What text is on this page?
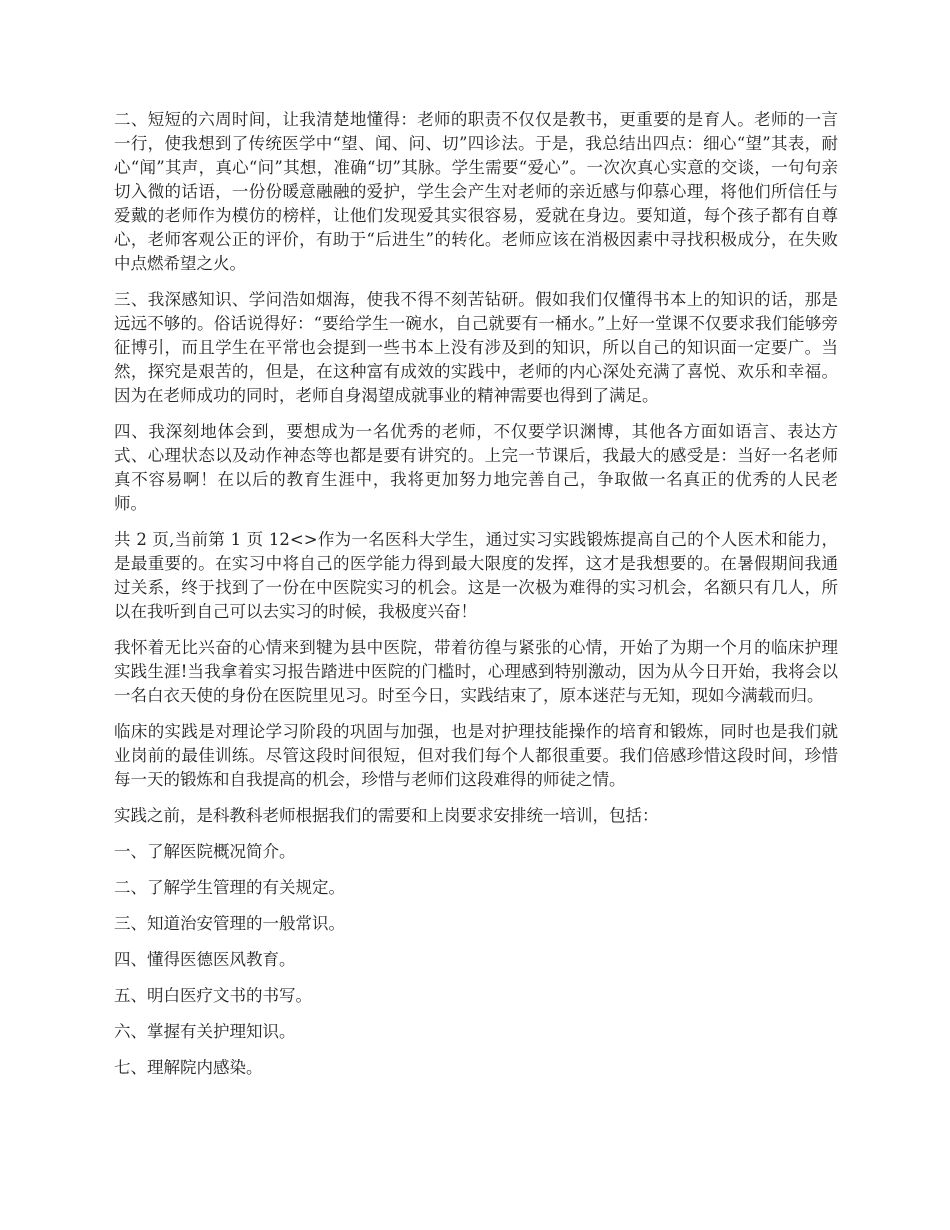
二、短短的六周时间，让我清楚地懂得：老师的职责不仅仅是教书，更重要的是育人。老师的一言一行，使我想到了传统医学中“望、闻、问、切”四诊法。于是，我总结出四点：细心“望”其表，耐心“闻”其声，真心“问”其想，准确“切”其脉。学生需要“爱心”。一次次真心实意的交谈，一句句亲切入微的话语，一份份暖意融融的爱护，学生会产生对老师的亲近感与仰慕心理，将他们所信任与爱戴的老师作为模仿的榜样，让他们发现爱其实很容易，爱就在身边。要知道，每个孩子都有自尊心，老师客观公正的评价，有助于“后进生”的转化。老师应该在消极因素中寻找积极成分，在失败中点燃希望之火。

三、我深感知识、学问浩如烟海，使我不得不刻苦钻研。假如我们仅懂得书本上的知识的话，那是远远不够的。俗话说得好：“要给学生一碗水，自己就要有一桶水。”上好一堂课不仅要求我们能够旁征博引，而且学生在平常也会提到一些书本上没有涉及到的知识，所以自己的知识面一定要广。当然，探究是艰苦的，但是，在这种富有成效的实践中，老师的内心深处充满了喜悦、欢乐和幸福。因为在老师成功的同时，老师自身渴望成就事业的精神需要也得到了满足。

四、我深刻地体会到，要想成为一名优秀的老师，不仅要学识渊博，其他各方面如语言、表达方式、心理状态以及动作神态等也都是要有讲究的。上完一节课后，我最大的感受是：当好一名老师真不容易啊！在以后的教育生涯中，我将更加努力地完善自己，争取做一名真正的优秀的人民老师。

共 2 页,当前第 1 页 12<>作为一名医科大学生，通过实习实践锻炼提高自己的个人医术和能力，是最重要的。在实习中将自己的医学能力得到最大限度的发挥，这才是我想要的。在暑假期间我通过关系，终于找到了一份在中医院实习的机会。这是一次极为难得的实习机会，名额只有几人，所以在我听到自己可以去实习的时候，我极度兴奋！

我怀着无比兴奋的心情来到犍为县中医院，带着彷徨与紧张的心情，开始了为期一个月的临床护理实践生涯!当我拿着实习报告踏进中医院的门槛时，心理感到特别激动，因为从今日开始，我将会以一名白衣天使的身份在医院里见习。时至今日，实践结束了，原本迷茫与无知，现如今满载而归。

临床的实践是对理论学习阶段的巩固与加强，也是对护理技能操作的培育和锻炼，同时也是我们就业岗前的最佳训练。尽管这段时间很短，但对我们每个人都很重要。我们倍感珍惜这段时间，珍惜每一天的锻炼和自我提高的机会，珍惜与老师们这段难得的师徒之情。

实践之前，是科教科老师根据我们的需要和上岗要求安排统一培训，包括：

一、了解医院概况简介。

二、了解学生管理的有关规定。

三、知道治安管理的一般常识。

四、懂得医德医风教育。

五、明白医疗文书的书写。

六、掌握有关护理知识。

七、理解院内感染。
